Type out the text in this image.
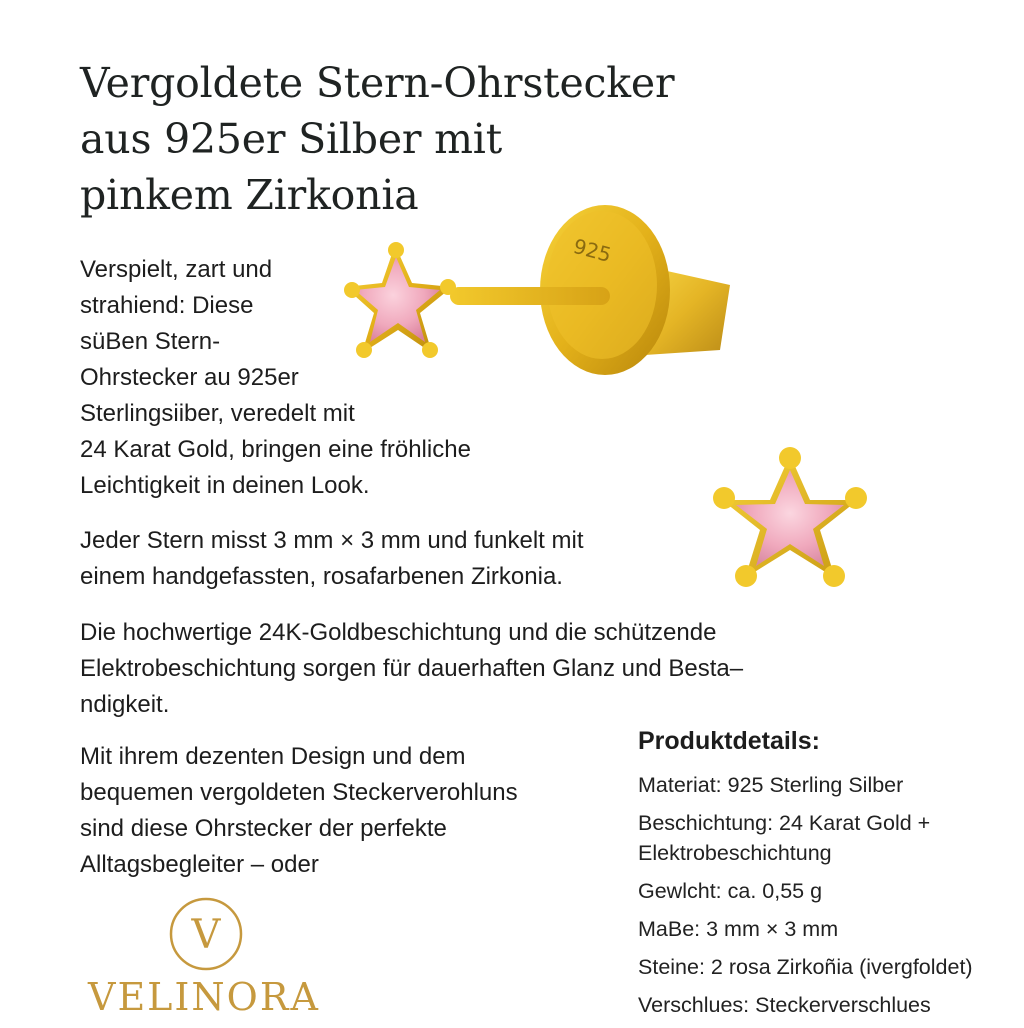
Vergoldete Stern-Ohrstecker
aus 925er Silber mit
pinkem Zirkonia
Verspielt, zart und
strahiend: Diese
süBen Stern-
Ohrstecker au 925er
Sterlingsiiber, veredelt mit
24 Karat Gold, bringen eine fröhliche
Leichtigkeit in deinen Look.
Jeder Stern misst 3 mm × 3 mm und funkelt mit
einem handgefassten, rosafarbenen Zirkonia.
Die hochwertige 24K-Goldbeschichtung und die schützende
Elektrobeschichtung sorgen für dauerhaften Glanz und Besta–
ndigkeit.
Mit ihrem dezenten Design und dem
bequemen vergoldeten Steckerverohluns
sind diese Ohrstecker der perfekte
Alltagsbegleiter – oder
Produktdetails:
Materiat: 925 Sterling Silber
Beschichtung: 24 Karat Gold +
Elektrobeschichtung
Gewlcht: ca. 0,55 g
MaBe: 3 mm × 3 mm
Steine: 2 rosa Zirkoñia (ivergfoldet)
Verschlues: Steckerverschlues
925
V
VELINORA
